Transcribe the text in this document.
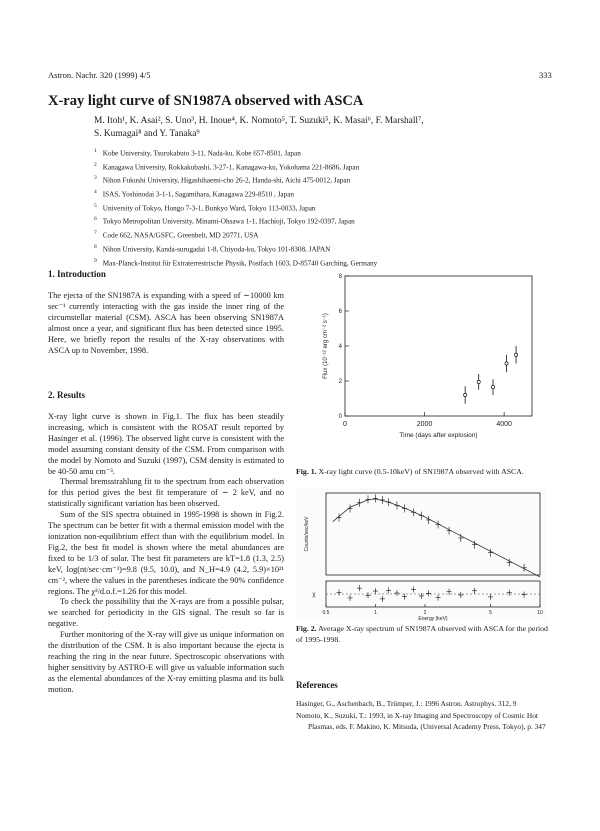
Astron. Nachr. 320 (1999) 4/5	333
X-ray light curve of SN1987A observed with ASCA
M. Itoh¹, K. Asai², S. Uno³, H. Inoue⁴, K. Nomoto⁵, T. Suzuki⁵, K. Masai⁶, F. Marshall⁷,
S. Kumagai⁸ and Y. Tanaka⁹
$^1$ Kobe University, Tsurukabuto 3-11, Nada-ku, Kobe 657-8501, Japan
$^2$ Kanagawa University, Rokkakubashi, 3-27-1, Kanagawa-ku, Yokohama 221-8686, Japan
$^3$ Nihon Fukushi University, Higashihaemi-cho 26-2, Handa-shi, Aichi 475-0012, Japan
$^4$ ISAS, Yoshinodai 3-1-1, Sagamihara, Kanagawa 229-8510 , Japan
$^5$ University of Tokyo, Hongo 7-3-1, Bunkyo Ward, Tokyo 113-0033, Japan
$^6$ Tokyo Metropolitan University, Minami-Ohsawa 1-1, Hachioji, Tokyo 192-0397, Japan
$^7$ Code 662, NASA/GSFC, Greenbelt, MD 20771, USA
$^8$ Nihon University, Kanda-surugadai 1-8, Chiyoda-ku, Tokyo 101-8308, JAPAN
$^9$ Max-Planck-Institut für Extraterrestrische Physik, Postfach 1603, D-85740 Garching, Germany
1. Introduction

The ejecta of the SN1987A is expanding with a speed of ∼10000 km sec⁻¹ currently interacting with the gas inside the inner ring of the circumstellar material (CSM). ASCA has been observing SN1987A almost once a year, and significant flux has been detected since 1995. Here, we briefly report the results of the X-ray observations with ASCA up to November, 1998.

2. Results

X-ray light curve is shown in Fig.1. The flux has been steadily increasing, which is consistent with the ROSAT result reported by Hasinger et al. (1996). The observed light curve is consistent with the model assuming constant density of the CSM. From comparison with the model by Nomoto and Suzuki (1997), CSM density is estimated to be 40-50 amu cm⁻³.

Thermal bremsstrahlung fit to the spectrum from each observation for this period gives the best fit temperature of ∼ 2 keV, and no statistically significant variation has been observed.

Sum of the SIS spectra obtained in 1995-1998 is shown in Fig.2. The spectrum can be better fit with a thermal emission model with the ionization non-equilibrium effect than with the equilibrium model. In Fig.2, the best fit model is shown where the metal abundances are fixed to be 1/3 of solar. The best fit parameters are kT=1.8 (1.3, 2.5) keV, log(nt/sec·cm⁻³)=9.8 (9.5, 10.0), and N_H=4.9 (4.2, 5.9)×10²¹ cm⁻², where the values in the parentheses indicate the 90% confidence regions. The χ²/d.o.f.=1.26 for this model.

To check the possibility that the X-rays are from a possible pulsar, we searched for periodicity in the GIS signal. The result so far is negative.

Further monitoring of the X-ray will give us unique information on the distribution of the CSM. It is also important because the ejecta is reaching the ring in the near future. Spectroscopic observations with higher sensitivity by ASTRO-E will give us valuable information such as the elemental abundances of the X-ray emitting plasma and its bulk motion.

0	2000	4000
0
2
4
6
8
Time (days after explosion)
Flux (10⁻¹² erg cm⁻² s⁻¹)
Fig. 1. X-ray light curve (0.5-10keV) of SN1987A observed with ASCA.
0.5	1	2	5	10
Energy (keV)
Counts/sec/keV
χ
Fig. 2. Average X-ray spectrum of SN1987A observed with ASCA for the period of 1995-1998.
References

Hasinger, G., Aschenbach, B., Trümper, J.: 1996 Astron. Astrophys. 312, 9

Nomoto, K., Suzuki, T.: 1993, in X-ray Imaging and Spectroscopy of Cosmic Hot Plasmas, eds. F. Makino, K. Mitsuda, (Universal Academy Press, Tokyo), p. 347
